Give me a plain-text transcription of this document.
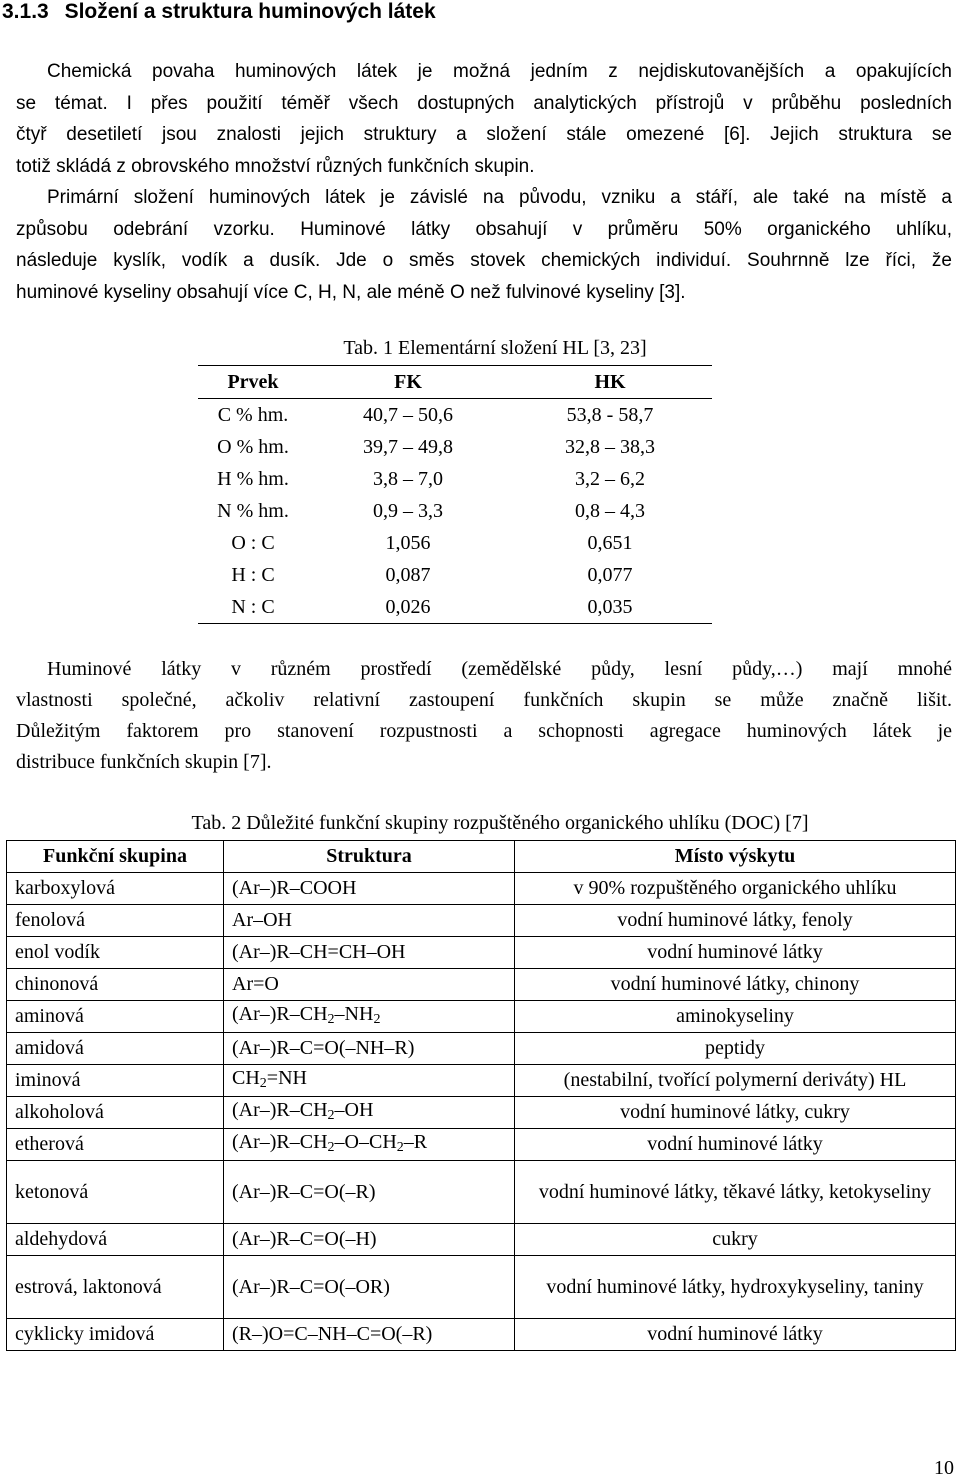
3.1.3 Složení a struktura huminových látek
Chemická povaha huminových látek je možná jedním z nejdiskutovanějších a opakujících
se témat. I přes použití téměř všech dostupných analytických přístrojů v průběhu posledních
čtyř desetiletí jsou znalosti jejich struktury a složení stále omezené [6]. Jejich struktura se
totiž skládá z obrovského množství různých funkčních skupin.
Primární složení huminových látek je závislé na původu, vzniku a stáří, ale také na místě a
způsobu odebrání vzorku. Huminové látky obsahují v průměru 50% organického uhlíku,
následuje kyslík, vodík a dusík. Jde o směs stovek chemických individuí. Souhrnně lze říci, že
huminové kyseliny obsahují více C, H, N, ale méně O než fulvinové kyseliny [3].
Tab. 1 Elementární složení HL [3, 23]
Prvek	FK	HK
C % hm.	40,7 – 50,6	53,8 - 58,7
O % hm.	39,7 – 49,8	32,8 – 38,3
H % hm.	3,8 – 7,0	3,2 – 6,2
N % hm.	0,9 – 3,3	0,8 – 4,3
O : C	1,056	0,651
H : C	0,087	0,077
N : C	0,026	0,035
Huminové látky v různém prostředí (zemědělské půdy, lesní půdy,…) mají mnohé
vlastnosti společné, ačkoliv relativní zastoupení funkčních skupin se může značně lišit.
Důležitým faktorem pro stanovení rozpustnosti a schopnosti agregace huminových látek je
distribuce funkčních skupin [7].
Tab. 2 Důležité funkční skupiny rozpuštěného organického uhlíku (DOC) [7]
Funkční skupina	Struktura	Místo výskytu
karboxylová	(Ar–)R–COOH	v 90% rozpuštěného organického uhlíku
fenolová	Ar–OH	vodní huminové látky, fenoly
enol vodík	(Ar–)R–CH=CH–OH	vodní huminové látky
chinonová	Ar=O	vodní huminové látky, chinony
aminová	$(Ar-)R-CH_2-NH_2$	aminokyseliny
amidová	(Ar–)R–C=O(–NH–R)	peptidy
iminová	$CH_2=NH$	(nestabilní, tvořící polymerní deriváty) HL
alkoholová	$(Ar-)R-CH_2-OH$	vodní huminové látky, cukry
etherová	$(Ar-)R-CH_2-O-CH_2-R$	vodní huminové látky
ketonová	(Ar–)R–C=O(–R)	vodní huminové látky, těkavé látky, ketokyseliny
aldehydová	(Ar–)R–C=O(–H)	cukry
estrová, laktonová	(Ar–)R–C=O(–OR)	vodní huminové látky, hydroxykyseliny, taniny
cyklicky imidová	(R–)O=C–NH–C=O(–R)	vodní huminové látky
10
